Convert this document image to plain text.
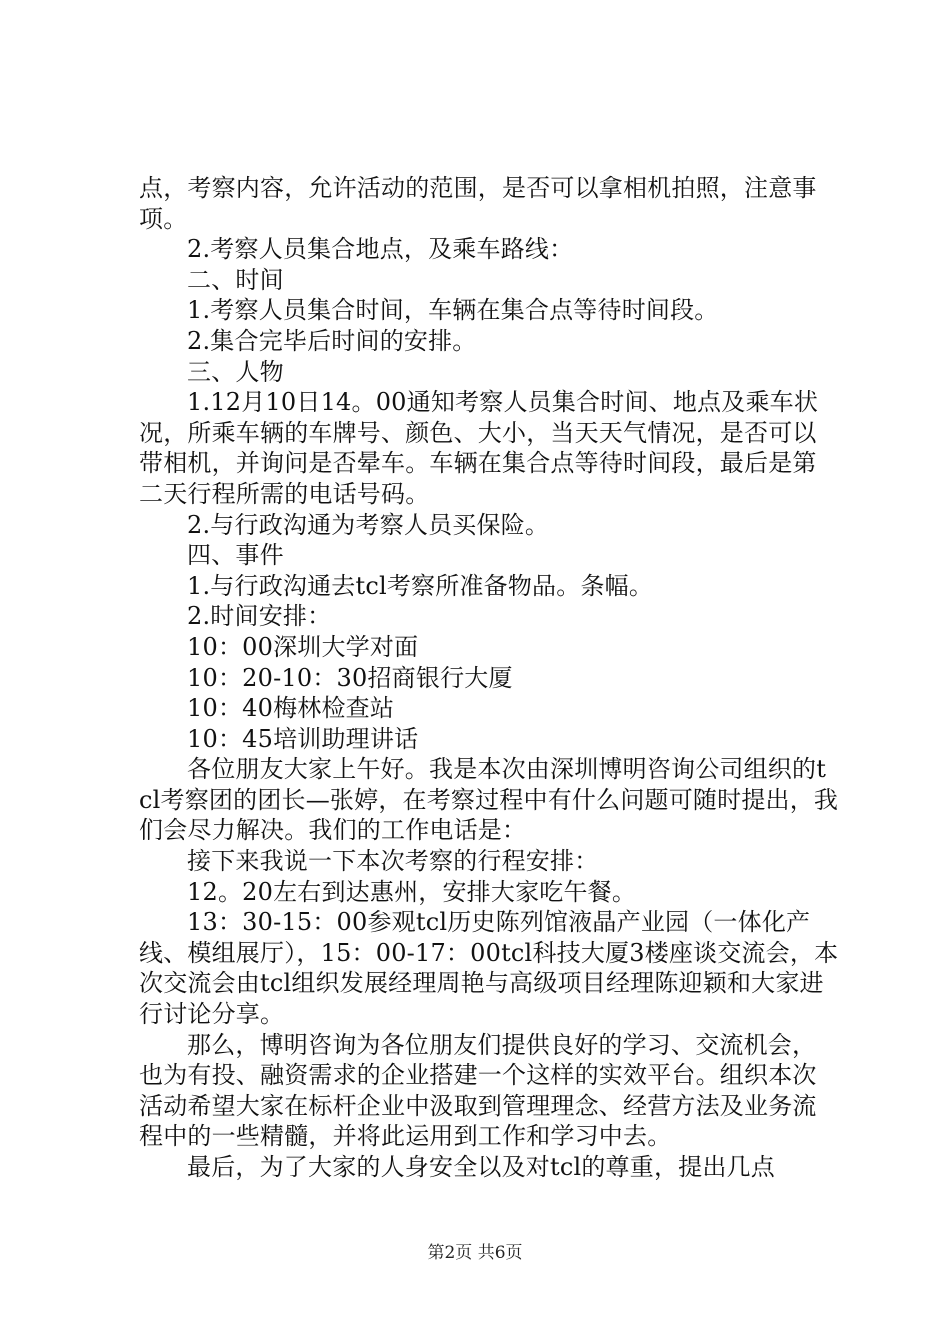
点，考察内容，允许活动的范围，是否可以拿相机拍照，注意事项。

2.考察人员集合地点，及乘车路线：

二、时间

1.考察人员集合时间，车辆在集合点等待时间段。

2.集合完毕后时间的安排。

三、人物

1.12月10日14。00通知考察人员集合时间、地点及乘车状况，所乘车辆的车牌号、颜色、大小，当天天气情况，是否可以带相机，并询问是否晕车。车辆在集合点等待时间段，最后是第二天行程所需的电话号码。

2.与行政沟通为考察人员买保险。

四、事件

1.与行政沟通去tcl考察所准备物品。条幅。

2.时间安排：

10：00深圳大学对面

10：20-10：30招商银行大厦

10：40梅林检查站

10：45培训助理讲话

各位朋友大家上午好。我是本次由深圳博明咨询公司组织的tcl考察团的团长—张婷，在考察过程中有什么问题可随时提出，我们会尽力解决。我们的工作电话是：

接下来我说一下本次考察的行程安排：

12。20左右到达惠州，安排大家吃午餐。

13：30-15：00参观tcl历史陈列馆液晶产业园（一体化产线、模组展厅），15：00-17：00tcl科技大厦3楼座谈交流会，本次交流会由tcl组织发展经理周艳与高级项目经理陈迎颖和大家进行讨论分享。

那么，博明咨询为各位朋友们提供良好的学习、交流机会，也为有投、融资需求的企业搭建一个这样的实效平台。组织本次活动希望大家在标杆企业中汲取到管理理念、经营方法及业务流程中的一些精髓，并将此运用到工作和学习中去。

最后，为了大家的人身安全以及对tcl的尊重，提出几点

第2页 共6页
